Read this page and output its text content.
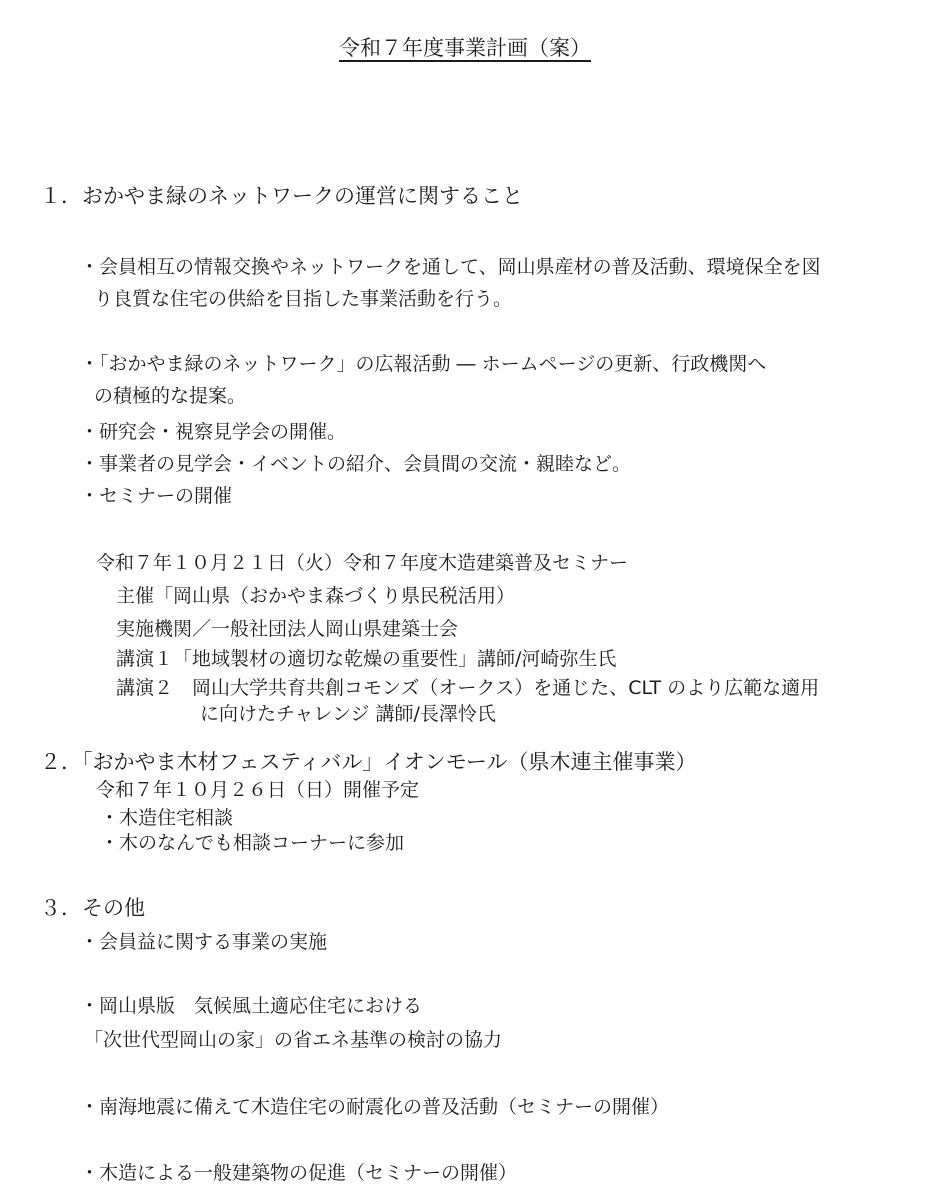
令和７年度事業計画（案）
１．おかやま緑のネットワークの運営に関すること
・会員相互の情報交換やネットワークを通して、岡山県産材の普及活動、環境保全を図
り良質な住宅の供給を目指した事業活動を行う。
・「おかやま緑のネットワーク」の広報活動 ― ホームページの更新、行政機関へ
の積極的な提案。
・研究会・視察見学会の開催。
・事業者の見学会・イベントの紹介、会員間の交流・親睦など。
・セミナーの開催
令和７年１０月２１日（火）令和７年度木造建築普及セミナー
主催「岡山県（おかやま森づくり県民税活用）
実施機関／一般社団法人岡山県建築士会
講演１「地域製材の適切な乾燥の重要性」講師/河崎弥生氏
講演２　岡山大学共育共創コモンズ（オークス）を通じた、CLT のより広範な適用
に向けたチャレンジ 講師/長澤怜氏
２．「おかやま木材フェスティバル」イオンモール（県木連主催事業）
令和７年１０月２６日（日）開催予定
・木造住宅相談
・木のなんでも相談コーナーに参加
３．その他
・会員益に関する事業の実施
・岡山県版　気候風土適応住宅における
「次世代型岡山の家」の省エネ基準の検討の協力
・南海地震に備えて木造住宅の耐震化の普及活動（セミナーの開催）
・木造による一般建築物の促進（セミナーの開催）
